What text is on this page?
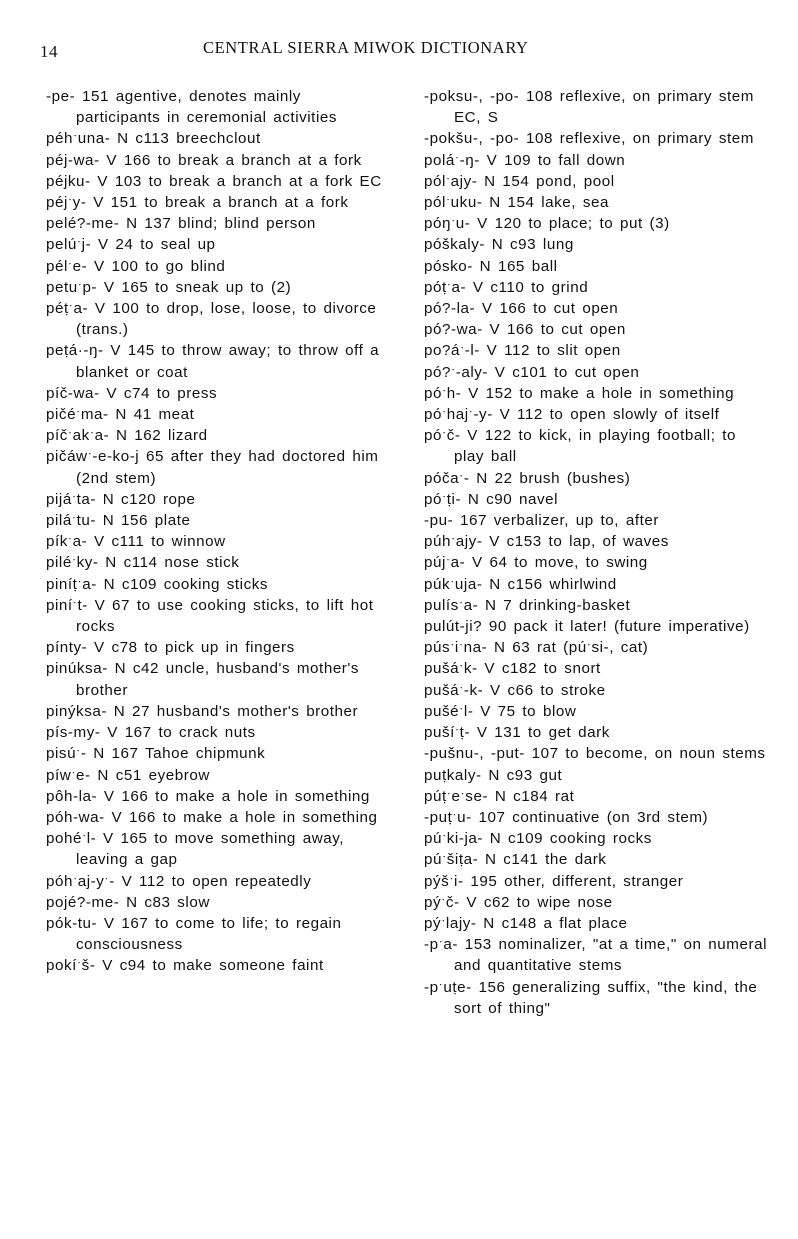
14	CENTRAL SIERRA MIWOK DICTIONARY
-pe- 151 agentive, denotes mainly participants in ceremonial activities
péhˑuna- N c113 breechclout
péj-wa- V 166 to break a branch at a fork
péjku- V 103 to break a branch at a fork EC
péjˑy- V 151 to break a branch at a fork
pelé?-me- N 137 blind; blind person
pelúˑj- V 24 to seal up
pélˑe- V 100 to go blind
petuˑp- V 165 to sneak up to (2)
péṭˑa- V 100 to drop, lose, loose, to divorce (trans.)
peṭá·-ŋ- V 145 to throw away; to throw off a blanket or coat
píč-wa- V c74 to press
pičéˑma- N 41 meat
píčˑakˑa- N 162 lizard
pičáwˑ-e-ko-j 65 after they had doctored him (2nd stem)
pijáˑta- N c120 rope
piláˑtu- N 156 plate
píkˑa- V c111 to winnow
piléˑky- N c114 nose stick
piníṭˑa- N c109 cooking sticks
piníˑt- V 67 to use cooking sticks, to lift hot rocks
pínty- V c78 to pick up in fingers
pinúksa- N c42 uncle, husband's mother's brother
pinýksa- N 27 husband's mother's brother
pís-my- V 167 to crack nuts
pisúˑ- N 167 Tahoe chipmunk
píwˑe- N c51 eyebrow
pôh-la- V 166 to make a hole in something
póh-wa- V 166 to make a hole in something
pohéˑl- V 165 to move something away, leaving a gap
póhˑaj-yˑ- V 112 to open repeatedly
pojé?-me- N c83 slow
pók-tu- V 167 to come to life; to regain consciousness
pokíˑš- V c94 to make someone faint
-poksu-, -po- 108 reflexive, on primary stem EC, S
-pokšu-, -po- 108 reflexive, on primary stem
poláˑ-ŋ- V 109 to fall down
pólˑajy- N 154 pond, pool
pólˑuku- N 154 lake, sea
póŋˑu- V 120 to place; to put (3)
póškaly- N c93 lung
pósko- N 165 ball
póṭˑa- V c110 to grind
pó?-la- V 166 to cut open
pó?-wa- V 166 to cut open
po?áˑ-l- V 112 to slit open
pó?ˑ-aly- V c101 to cut open
póˑh- V 152 to make a hole in something
póˑhajˑ-y- V 112 to open slowly of itself
póˑč- V 122 to kick, in playing football; to play ball
póčaˑ- N 22 brush (bushes)
póˑṭi- N c90 navel
-pu- 167 verbalizer, up to, after
púhˑajy- V c153 to lap, of waves
pújˑa- V 64 to move, to swing
púkˑuja- N c156 whirlwind
pulísˑa- N 7 drinking-basket
pulút-ji? 90 pack it later! (future imperative)
púsˑiˑna- N 63 rat (púˑsi-, cat)
pušáˑk- V c182 to snort
pušáˑ-k- V c66 to stroke
pušéˑl- V 75 to blow
pušíˑṭ- V 131 to get dark
-pušnu-, -put- 107 to become, on noun stems
puṭkaly- N c93 gut
púṭˑeˑse- N c184 rat
-puṭˑu- 107 continuative (on 3rd stem)
púˑki-ja- N c109 cooking rocks
púˑšiṭa- N c141 the dark
pýšˑi- 195 other, different, stranger
pýˑč- V c62 to wipe nose
pýˑlajy- N c148 a flat place
-pˑa- 153 nominalizer, "at a time," on numeral and quantitative stems
-pˑuṭe- 156 generalizing suffix, "the kind, the sort of thing"
